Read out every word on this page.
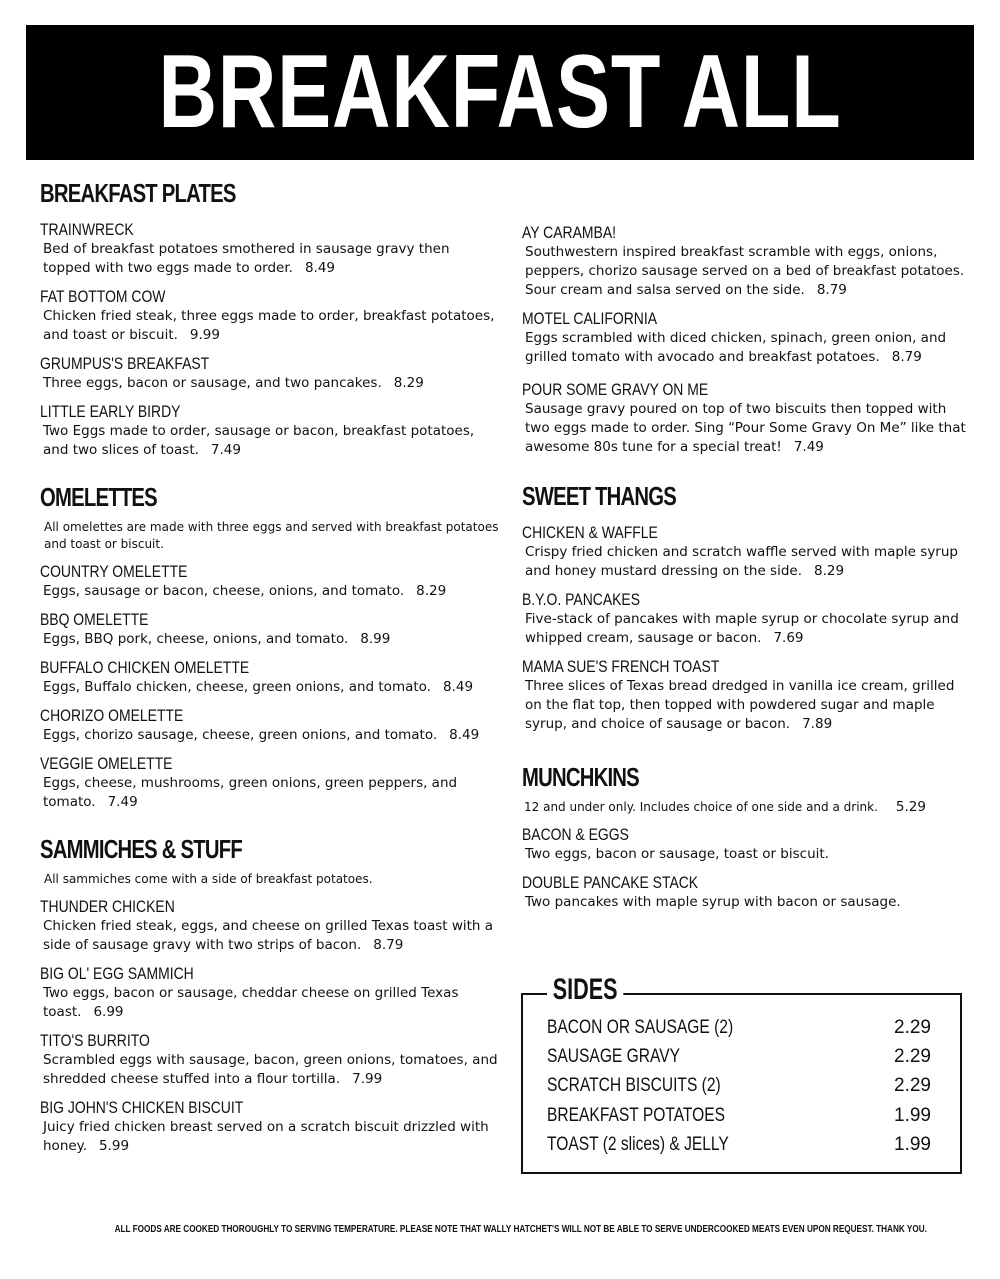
BREAKFAST ALL
BREAKFAST PLATES
TRAINWRECK
Bed of breakfast potatoes smothered in sausage gravy then topped with two eggs made to order. 8.49
FAT BOTTOM COW
Chicken fried steak, three eggs made to order, breakfast potatoes, and toast or biscuit. 9.99
GRUMPUS'S BREAKFAST
Three eggs, bacon or sausage, and two pancakes. 8.29
LITTLE EARLY BIRDY
Two Eggs made to order, sausage or bacon, breakfast potatoes, and two slices of toast. 7.49
OMELETTES
All omelettes are made with three eggs and served with breakfast potatoes and toast or biscuit.
COUNTRY OMELETTE
Eggs, sausage or bacon, cheese, onions, and tomato. 8.29
BBQ OMELETTE
Eggs, BBQ pork, cheese, onions, and tomato. 8.99
BUFFALO CHICKEN OMELETTE
Eggs, Buffalo chicken, cheese, green onions, and tomato. 8.49
CHORIZO OMELETTE
Eggs, chorizo sausage, cheese, green onions, and tomato. 8.49
VEGGIE OMELETTE
Eggs, cheese, mushrooms, green onions, green peppers, and tomato. 7.49
SAMMICHES & STUFF
All sammiches come with a side of breakfast potatoes.
THUNDER CHICKEN
Chicken fried steak, eggs, and cheese on grilled Texas toast with a side of sausage gravy with two strips of bacon. 8.79
BIG OL' EGG SAMMICH
Two eggs, bacon or sausage, cheddar cheese on grilled Texas toast. 6.99
TITO'S BURRITO
Scrambled eggs with sausage, bacon, green onions, tomatoes, and shredded cheese stuffed into a flour tortilla. 7.99
BIG JOHN'S CHICKEN BISCUIT
Juicy fried chicken breast served on a scratch biscuit drizzled with honey. 5.99
AY CARAMBA!
Southwestern inspired breakfast scramble with eggs, onions, peppers, chorizo sausage served on a bed of breakfast potatoes. Sour cream and salsa served on the side. 8.79
MOTEL CALIFORNIA
Eggs scrambled with diced chicken, spinach, green onion, and grilled tomato with avocado and breakfast potatoes. 8.79
POUR SOME GRAVY ON ME
Sausage gravy poured on top of two biscuits then topped with two eggs made to order. Sing “Pour Some Gravy On Me” like that awesome 80s tune for a special treat! 7.49
SWEET THANGS
CHICKEN & WAFFLE
Crispy fried chicken and scratch waffle served with maple syrup and honey mustard dressing on the side. 8.29
B.Y.O. PANCAKES
Five-stack of pancakes with maple syrup or chocolate syrup and whipped cream, sausage or bacon. 7.69
MAMA SUE'S FRENCH TOAST
Three slices of Texas bread dredged in vanilla ice cream, grilled on the flat top, then topped with powdered sugar and maple syrup, and choice of sausage or bacon. 7.89
MUNCHKINS
12 and under only. Includes choice of one side and a drink. 5.29
BACON & EGGS
Two eggs, bacon or sausage, toast or biscuit.
DOUBLE PANCAKE STACK
Two pancakes with maple syrup with bacon or sausage.
SIDES
BACON OR SAUSAGE (2)	2.29
SAUSAGE GRAVY	2.29
SCRATCH BISCUITS (2)	2.29
BREAKFAST POTATOES	1.99
TOAST (2 slices) & JELLY	1.99
ALL FOODS ARE COOKED THOROUGHLY TO SERVING TEMPERATURE. PLEASE NOTE THAT WALLY HATCHET'S WILL NOT BE ABLE TO SERVE UNDERCOOKED MEATS EVEN UPON REQUEST. THANK YOU.
